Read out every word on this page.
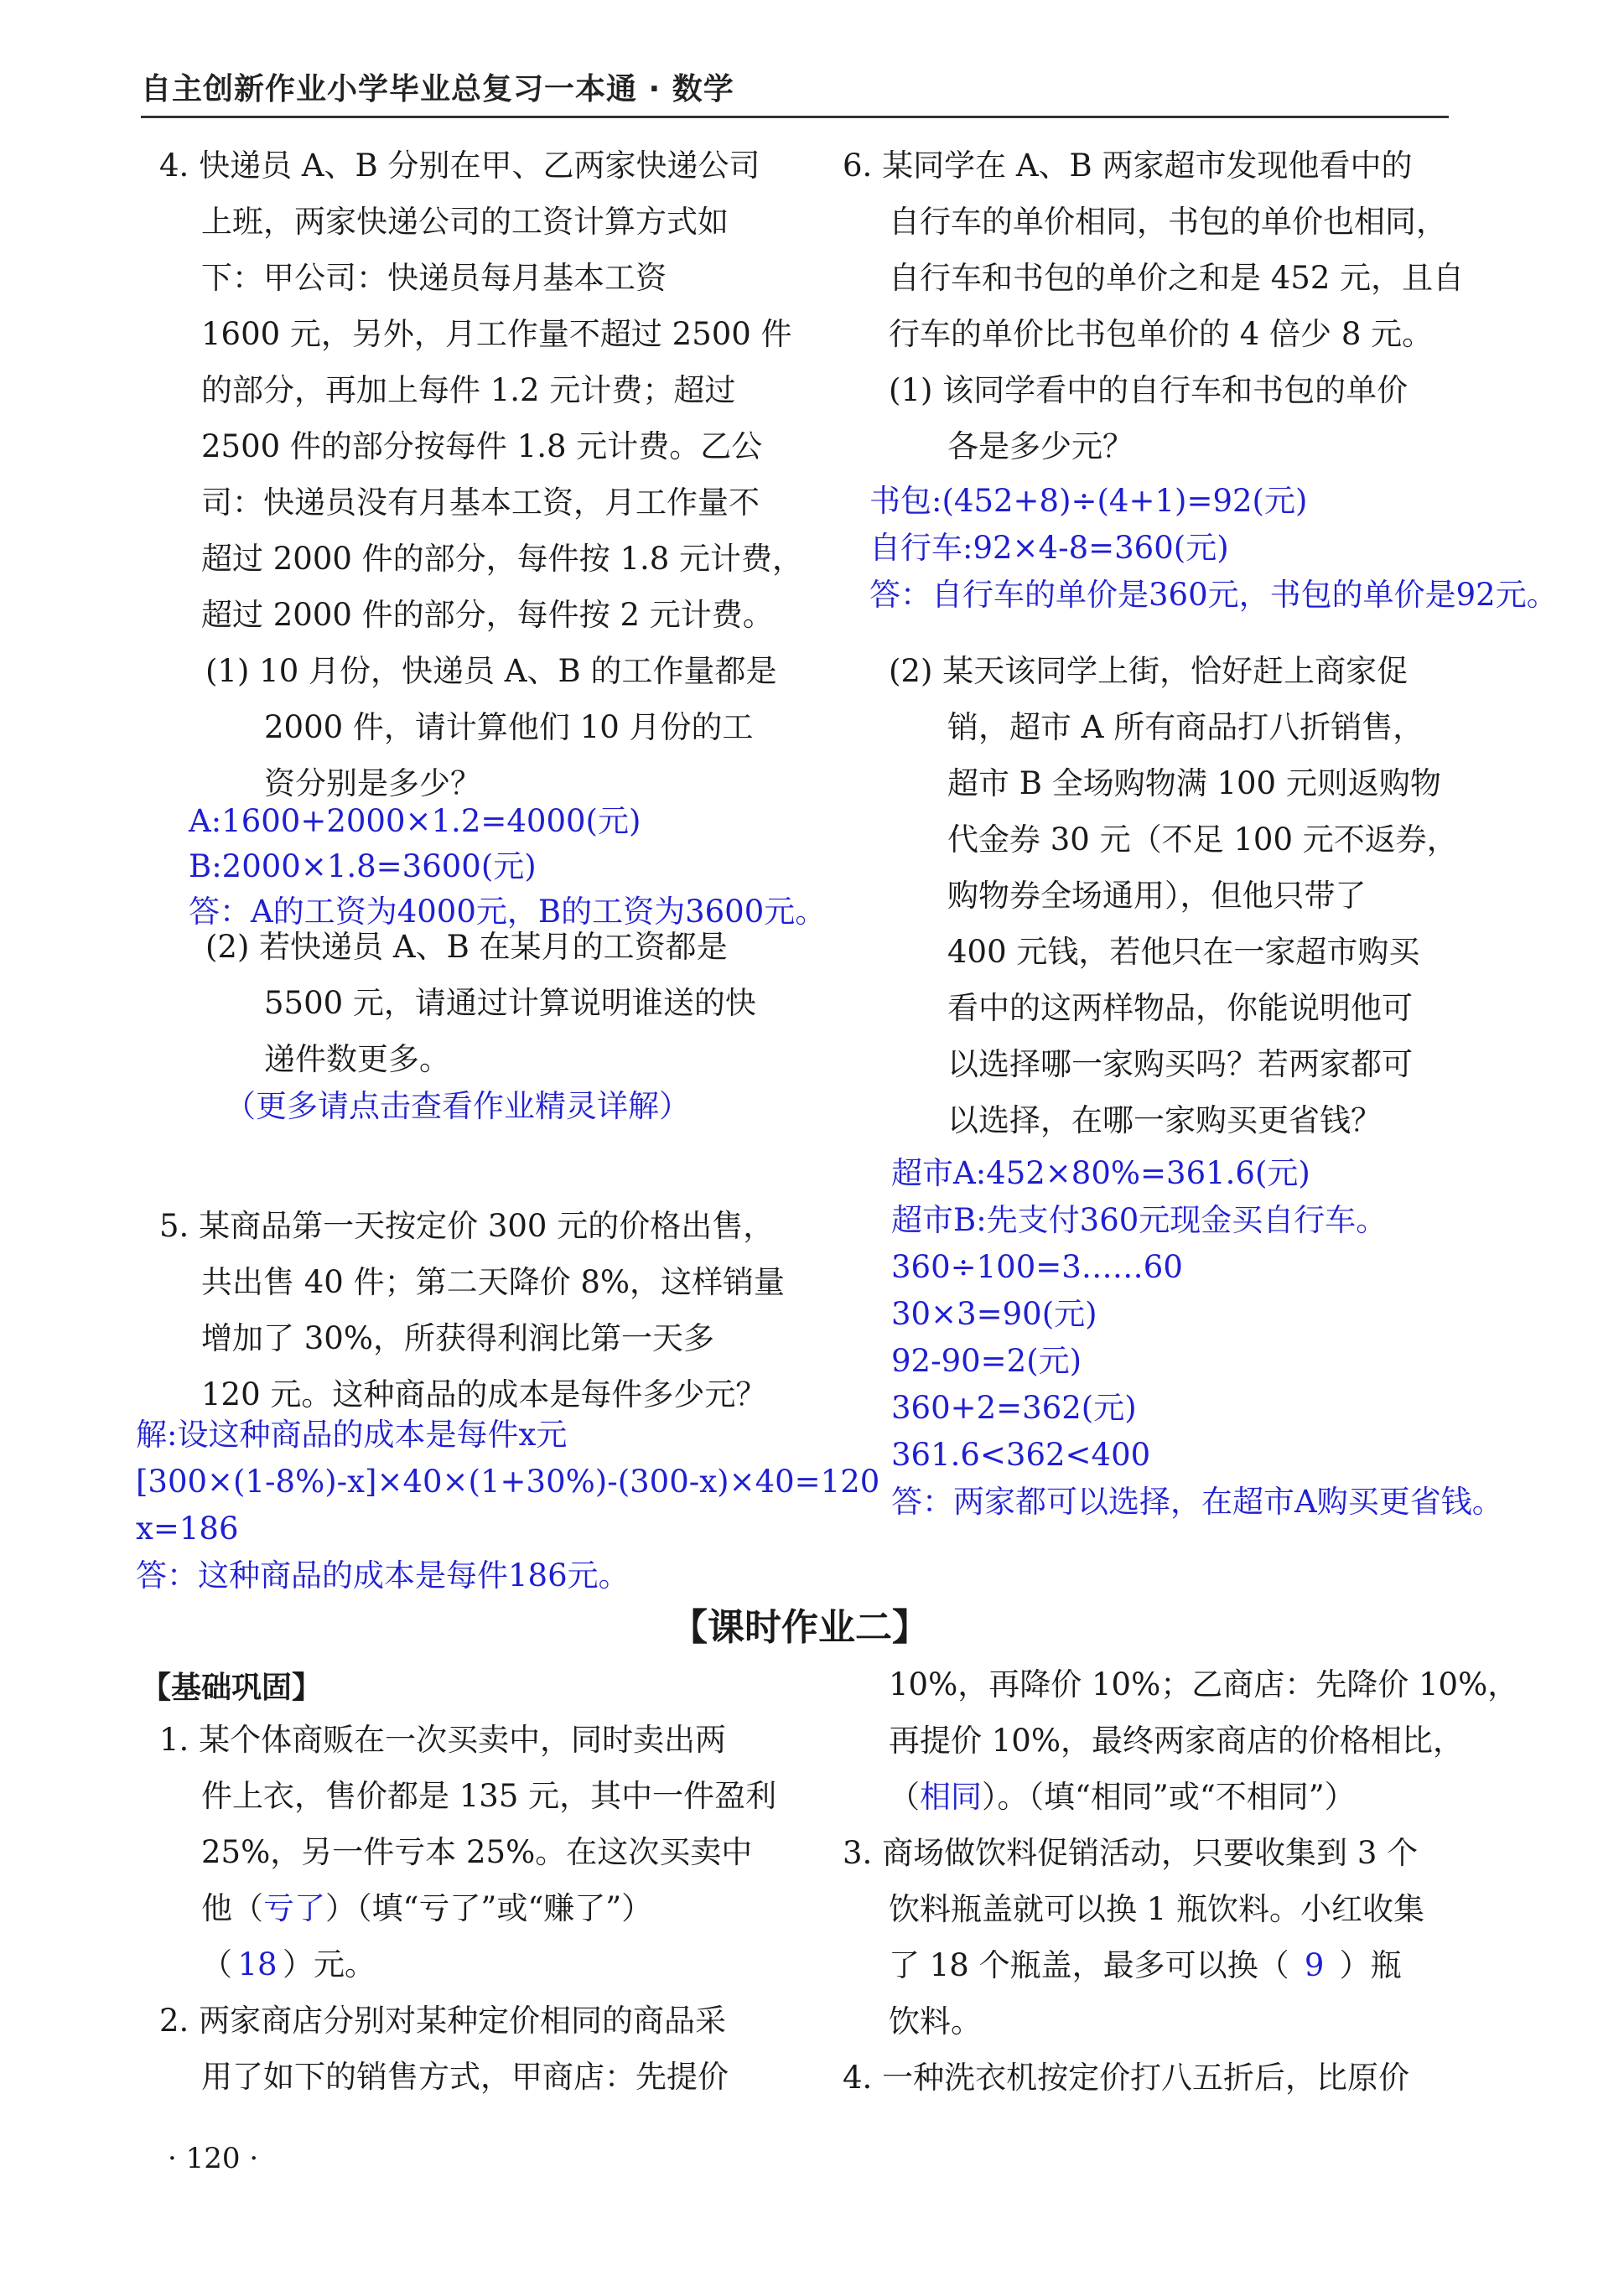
自主创新作业小学毕业总复习一本通 · 数学
4. 快递员 A、B 分别在甲、乙两家快递公司
上班，两家快递公司的工资计算方式如
下：甲公司：快递员每月基本工资
1600 元，另外，月工作量不超过 2500 件
的部分，再加上每件 1.2 元计费；超过
2500 件的部分按每件 1.8 元计费。乙公
司：快递员没有月基本工资，月工作量不
超过 2000 件的部分，每件按 1.8 元计费，
超过 2000 件的部分，每件按 2 元计费。
(1) 10 月份，快递员 A、B 的工作量都是
2000 件，请计算他们 10 月份的工
资分别是多少？
A:1600+2000×1.2=4000(元)
B:2000×1.8=3600(元)
答：A的工资为4000元，B的工资为3600元。
(2) 若快递员 A、B 在某月的工资都是
5500 元，请通过计算说明谁送的快
递件数更多。
（更多请点击查看作业精灵详解）
5. 某商品第一天按定价 300 元的价格出售，
共出售 40 件；第二天降价 8%，这样销量
增加了 30%，所获得利润比第一天多
120 元。这种商品的成本是每件多少元？
解:设这种商品的成本是每件x元
[300×(1-8%)-x]×40×(1+30%)-(300-x)×40=120
x=186
答：这种商品的成本是每件186元。
6. 某同学在 A、B 两家超市发现他看中的
自行车的单价相同，书包的单价也相同，
自行车和书包的单价之和是 452 元，且自
行车的单价比书包单价的 4 倍少 8 元。
(1) 该同学看中的自行车和书包的单价
各是多少元？
书包:(452+8)÷(4+1)=92(元)
自行车:92×4-8=360(元)
答：自行车的单价是360元，书包的单价是92元。
(2) 某天该同学上街，恰好赶上商家促
销，超市 A 所有商品打八折销售，
超市 B 全场购物满 100 元则返购物
代金券 30 元（不足 100 元不返券，
购物券全场通用），但他只带了
400 元钱，若他只在一家超市购买
看中的这两样物品，你能说明他可
以选择哪一家购买吗？若两家都可
以选择，在哪一家购买更省钱？
超市A:452×80%=361.6(元)
超市B:先支付360元现金买自行车。
360÷100=3……60
30×3=90(元)
92-90=2(元)
360+2=362(元)
361.6<362<400
答：两家都可以选择，在超市A购买更省钱。
【课时作业二】
【基础巩固】
1. 某个体商贩在一次买卖中，同时卖出两
件上衣，售价都是 135 元，其中一件盈利
25%，另一件亏本 25%。在这次买卖中
他（亏了）（填“亏了”或“赚了”）
（ 18 ）元。
2. 两家商店分别对某种定价相同的商品采
用了如下的销售方式，甲商店：先提价
10%，再降价 10%；乙商店：先降价 10%，
再提价 10%，最终两家商店的价格相比，
（相同）。（填“相同”或“不相同”）
3. 商场做饮料促销活动，只要收集到 3 个
饮料瓶盖就可以换 1 瓶饮料。小红收集
了 18 个瓶盖，最多可以换（ 9 ）瓶
饮料。
4. 一种洗衣机按定价打八五折后，比原价
· 120 ·
